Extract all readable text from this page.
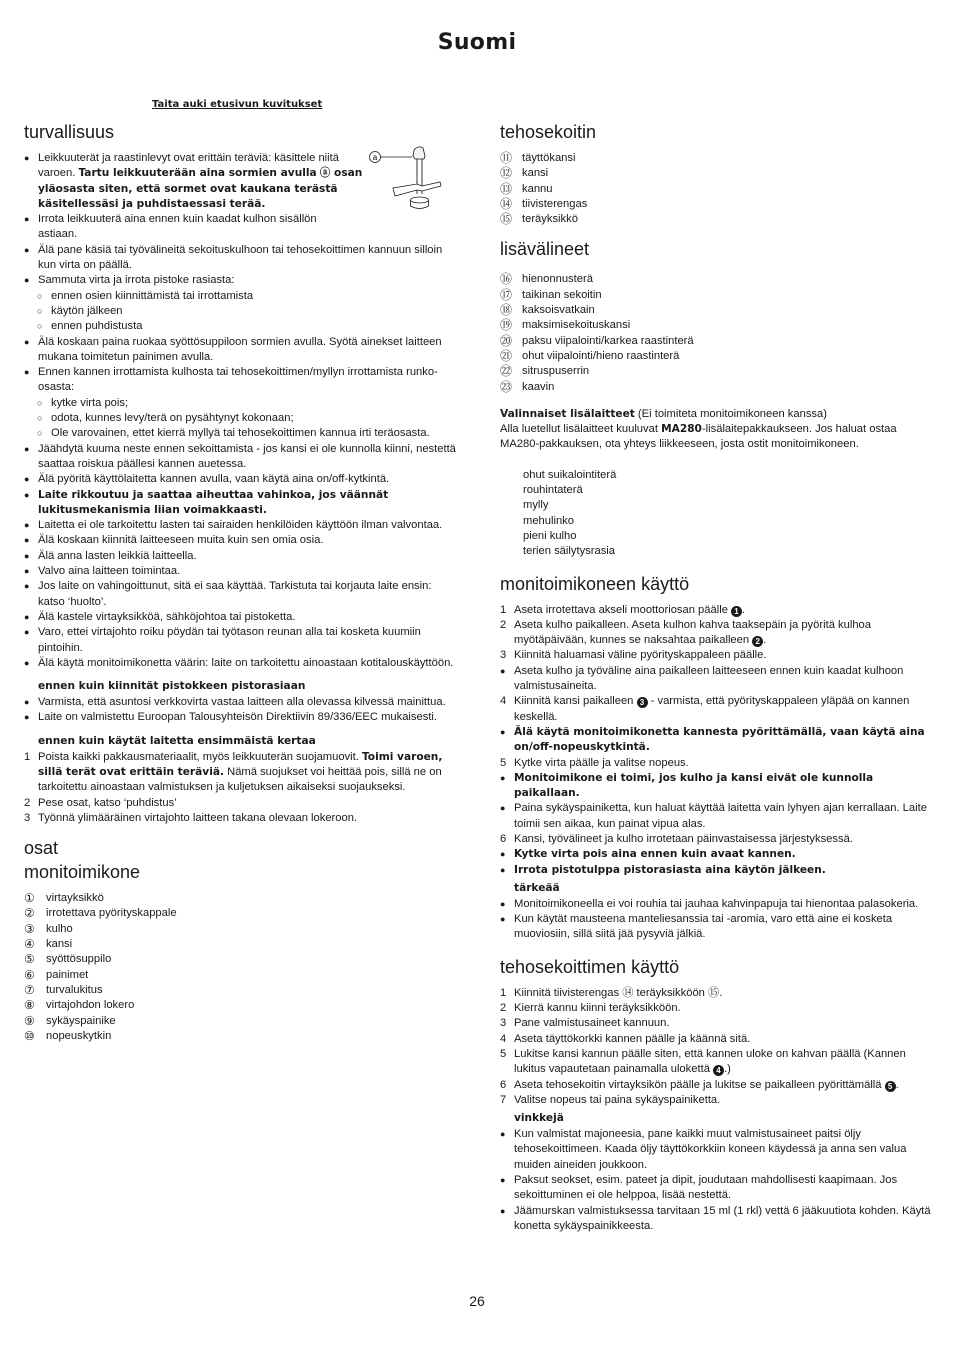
Suomi
Taita auki etusivun kuvitukset
a
turvallisuus
● Leikkuuterät ja raastinlevyt ovat erittäin teräviä: käsittele niitä varoen. Tartu leikkuuterään aina sormien avulla ⓐ osan yläosasta siten, että sormet ovat kaukana terästä käsitellessäsi ja puhdistaessasi terää.
● Irrota leikkuuterä aina ennen kuin kaadat kulhon sisällön astiaan.
● Älä pane käsiä tai työvälineitä sekoituskulhoon tai tehosekoittimen kannuun silloin kun virta on päällä.
● Sammuta virta ja irrota pistoke rasiasta:
○ ennen osien kiinnittämistä tai irrottamista
○ käytön jälkeen
○ ennen puhdistusta
● Älä koskaan paina ruokaa syöttösuppiloon sormien avulla. Syötä ainekset laitteen mukana toimitetun painimen avulla.
● Ennen kannen irrottamista kulhosta tai tehosekoittimen/myllyn irrottamista runko-osasta:
○ kytke virta pois;
○ odota, kunnes levy/terä on pysähtynyt kokonaan;
○ Ole varovainen, ettet kierrä myllyä tai tehosekoittimen kannua irti teräosasta.
● Jäähdytä kuuma neste ennen sekoittamista - jos kansi ei ole kunnolla kiinni, nestettä saattaa roiskua päällesi kannen auetessa.
● Älä pyöritä käyttölaitetta kannen avulla, vaan käytä aina on/off-kytkintä.
● Laite rikkoutuu ja saattaa aiheuttaa vahinkoa, jos väännät lukitusmekanismia liian voimakkaasti.
● Laitetta ei ole tarkoitettu lasten tai sairaiden henkilöiden käyttöön ilman valvontaa.
● Älä koskaan kiinnitä laitteeseen muita kuin sen omia osia.
● Älä anna lasten leikkiä laitteella.
● Valvo aina laitteen toimintaa.
● Jos laite on vahingoittunut, sitä ei saa käyttää. Tarkistuta tai korjauta laite ensin: katso ‘huolto’.
● Älä kastele virtayksikköä, sähköjohtoa tai pistoketta.
● Varo, ettei virtajohto roiku pöydän tai työtason reunan alla tai kosketa kuumiin pintoihin.
● Älä käytä monitoimikonetta väärin: laite on tarkoitettu ainoastaan kotitalouskäyttöön.
ennen kuin kiinnität pistokkeen pistorasiaan
● Varmista, että asuntosi verkkovirta vastaa laitteen alla olevassa kilvessä mainittua.
● Laite on valmistettu Euroopan Talousyhteisön Direktiivin 89/336/EEC mukaisesti.
ennen kuin käytät laitetta ensimmäistä kertaa
1 Poista kaikki pakkausmateriaalit, myös leikkuuterän suojamuovit. Toimi varoen, sillä terät ovat erittäin teräviä. Nämä suojukset voi heittää pois, sillä ne on tarkoitettu ainoastaan valmistuksen ja kuljetuksen aikaiseksi suojaukseksi.
2 Pese osat, katso ‘puhdistus’
3 Työnnä ylimääräinen virtajohto laitteen takana olevaan lokeroon.
osat
monitoimikone
① virtayksikkö
② irrotettava pyörityskappale
③ kulho
④ kansi
⑤ syöttösuppilo
⑥ painimet
⑦ turvalukitus
⑧ virtajohdon lokero
⑨ sykäyspainike
⑩ nopeuskytkin
tehosekoitin
⑪ täyttökansi
⑫ kansi
⑬ kannu
⑭ tiivisterengas
⑮ teräyksikkö
lisävälineet
⑯ hienonnusterä
⑰ taikinan sekoitin
⑱ kaksoisvatkain
⑲ maksimisekoituskansi
⑳ paksu viipalointi/karkea raastinterä
㉑ ohut viipalointi/hieno raastinterä
㉒ sitruspuserrin
㉓ kaavin
Valinnaiset lisälaitteet (Ei toimiteta monitoimikoneen kanssa)
Alla luetellut lisälaitteet kuuluvat MA280-lisälaitepakkaukseen. Jos haluat ostaa MA280-pakkauksen, ota yhteys liikkeeseen, josta ostit monitoimikoneen.
ohut suikalointiterä
rouhintaterä
mylly
mehulinko
pieni kulho
terien säilytysrasia
monitoimikoneen käyttö
1 Aseta irrotettava akseli moottoriosan päälle 1 .
2 Aseta kulho paikalleen. Aseta kulhon kahva taaksepäin ja pyöritä kulhoa myötäpäivään, kunnes se naksahtaa paikalleen 2 .
3 Kiinnitä haluamasi väline pyörityskappaleen päälle.
● Aseta kulho ja työväline aina paikalleen laitteeseen ennen kuin kaadat kulhoon valmistusaineita.
4 Kiinnitä kansi paikalleen 3 - varmista, että pyörityskappaleen yläpää on kannen keskellä.
● Älä käytä monitoimikonetta kannesta pyörittämällä, vaan käytä aina on/off-nopeuskytkintä.
5 Kytke virta päälle ja valitse nopeus.
● Monitoimikone ei toimi, jos kulho ja kansi eivät ole kunnolla paikallaan.
● Paina sykäyspainiketta, kun haluat käyttää laitetta vain lyhyen ajan kerrallaan. Laite toimii sen aikaa, kun painat vipua alas.
6 Kansi, työvälineet ja kulho irrotetaan päinvastaisessa järjestyksessä.
● Kytke virta pois aina ennen kuin avaat kannen.
● Irrota pistotulppa pistorasiasta aina käytön jälkeen.
tärkeää
● Monitoimikoneella ei voi rouhia tai jauhaa kahvinpapuja tai hienontaa palasokeria.
● Kun käytät mausteena manteliesanssia tai -aromia, varo että aine ei kosketa muoviosiin, sillä siitä jää pysyviä jälkiä.
tehosekoittimen käyttö
1 Kiinnitä tiivisterengas ⑭ teräyksikköön ⑮.
2 Kierrä kannu kiinni teräyksikköön.
3 Pane valmistusaineet kannuun.
4 Aseta täyttökorkki kannen päälle ja käännä sitä.
5 Lukitse kansi kannun päälle siten, että kannen uloke on kahvan päällä (Kannen lukitus vapautetaan painamalla ulokettä 4 .)
6 Aseta tehosekoitin virtayksikön päälle ja lukitse se paikalleen pyörittämällä 5 .
7 Valitse nopeus tai paina sykäyspainiketta.
vinkkejä
● Kun valmistat majoneesia, pane kaikki muut valmistusaineet paitsi öljy tehosekoittimeen. Kaada öljy täyttökorkkiin koneen käydessä ja anna sen valua muiden aineiden joukkoon.
● Paksut seokset, esim. pateet ja dipit, joudutaan mahdollisesti kaapimaan. Jos sekoittuminen ei ole helppoa, lisää nestettä.
● Jäämurskan valmistuksessa tarvitaan 15 ml (1 rkl) vettä 6 jääkuutiota kohden. Käytä konetta sykäyspainikkeesta.
26
